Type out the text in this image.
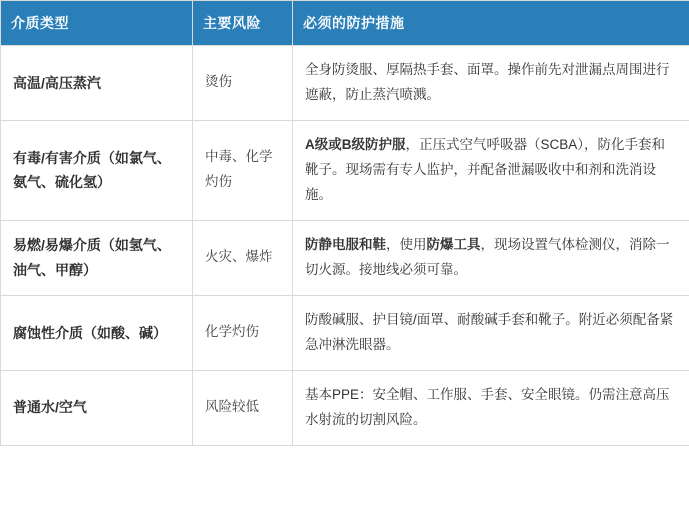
介质类型	主要风险	必须的防护措施
高温/高压蒸汽	烫伤	全身防烫服、厚隔热手套、面罩。操作前先对泄漏点周围进行遮蔽，防止蒸汽喷溅。
有毒/有害介质（如氯气、氨气、硫化氢）	中毒、化学灼伤	A级或B级防护服，正压式空气呼吸器（SCBA），防化手套和靴子。现场需有专人监护，并配备泄漏吸收中和剂和洗消设施。
易燃/易爆介质（如氢气、油气、甲醇）	火灾、爆炸	防静电服和鞋，使用防爆工具，现场设置气体检测仪，消除一切火源。接地线必须可靠。
腐蚀性介质（如酸、碱）	化学灼伤	防酸碱服、护目镜/面罩、耐酸碱手套和靴子。附近必须配备紧急冲淋洗眼器。
普通水/空气	风险较低	基本PPE：安全帽、工作服、手套、安全眼镜。仍需注意高压水射流的切割风险。
